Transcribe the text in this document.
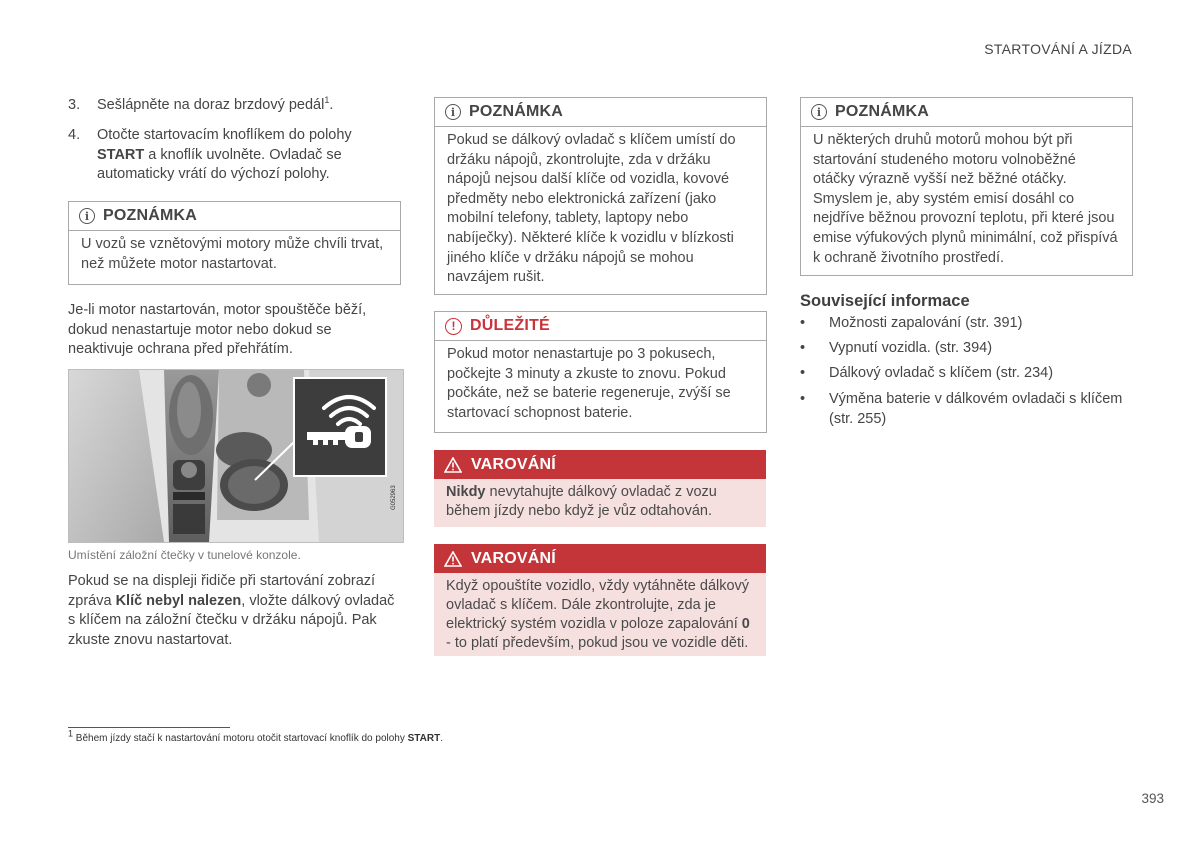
STARTOVÁNÍ A JÍZDA
3. Sešlápněte na doraz brzdový pedál$^1$.
4. Otočte startovacím knoflíkem do polohy START a knoflík uvolněte. Ovladač se automaticky vrátí do výchozí polohy.
i POZNÁMKA
U vozů se vznětovými motory může chvíli trvat, než můžete motor nastartovat.
Je-li motor nastartován, motor spouštěče běží, dokud nenastartuje motor nebo dokud se neaktivuje ochrana před přehřátím.
G052963
Umístění záložní čtečky v tunelové konzole.
Pokud se na displeji řidiče při startování zobrazí zpráva Klíč nebyl nalezen, vložte dálkový ovladač s klíčem na záložní čtečku v držáku nápojů. Pak zkuste znovu nastartovat.
i POZNÁMKA
Pokud se dálkový ovladač s klíčem umístí do držáku nápojů, zkontrolujte, zda v držáku nápojů nejsou další klíče od vozidla, kovové předměty nebo elektronická zařízení (jako mobilní telefony, tablety, laptopy nebo nabíječky). Některé klíče k vozidlu v blízkosti jiného klíče v držáku nápojů se mohou navzájem rušit.
! DŮLEŽITÉ
Pokud motor nenastartuje po 3 pokusech, počkejte 3 minuty a zkuste to znovu. Pokud počkáte, než se baterie regeneruje, zvýší se startovací schopnost baterie.
VAROVÁNÍ
Nikdy nevytahujte dálkový ovladač z vozu během jízdy nebo když je vůz odtahován.
VAROVÁNÍ
Když opouštíte vozidlo, vždy vytáhněte dálkový ovladač s klíčem. Dále zkontrolujte, zda je elektrický systém vozidla v poloze zapalování 0 - to platí především, pokud jsou ve vozidle děti.
i POZNÁMKA
U některých druhů motorů mohou být při startování studeného motoru volnoběžné otáčky výrazně vyšší než běžné otáčky. Smyslem je, aby systém emisí dosáhl co nejdříve běžnou provozní teplotu, při které jsou emise výfukových plynů minimální, což přispívá k ochraně životního prostředí.
Související informace
• Možnosti zapalování (str. 391)
• Vypnutí vozidla. (str. 394)
• Dálkový ovladač s klíčem (str. 234)
• Výměna baterie v dálkovém ovladači s klíčem (str. 255)
$^1$ Během jízdy stačí k nastartování motoru otočit startovací knoflík do polohy START.
393
